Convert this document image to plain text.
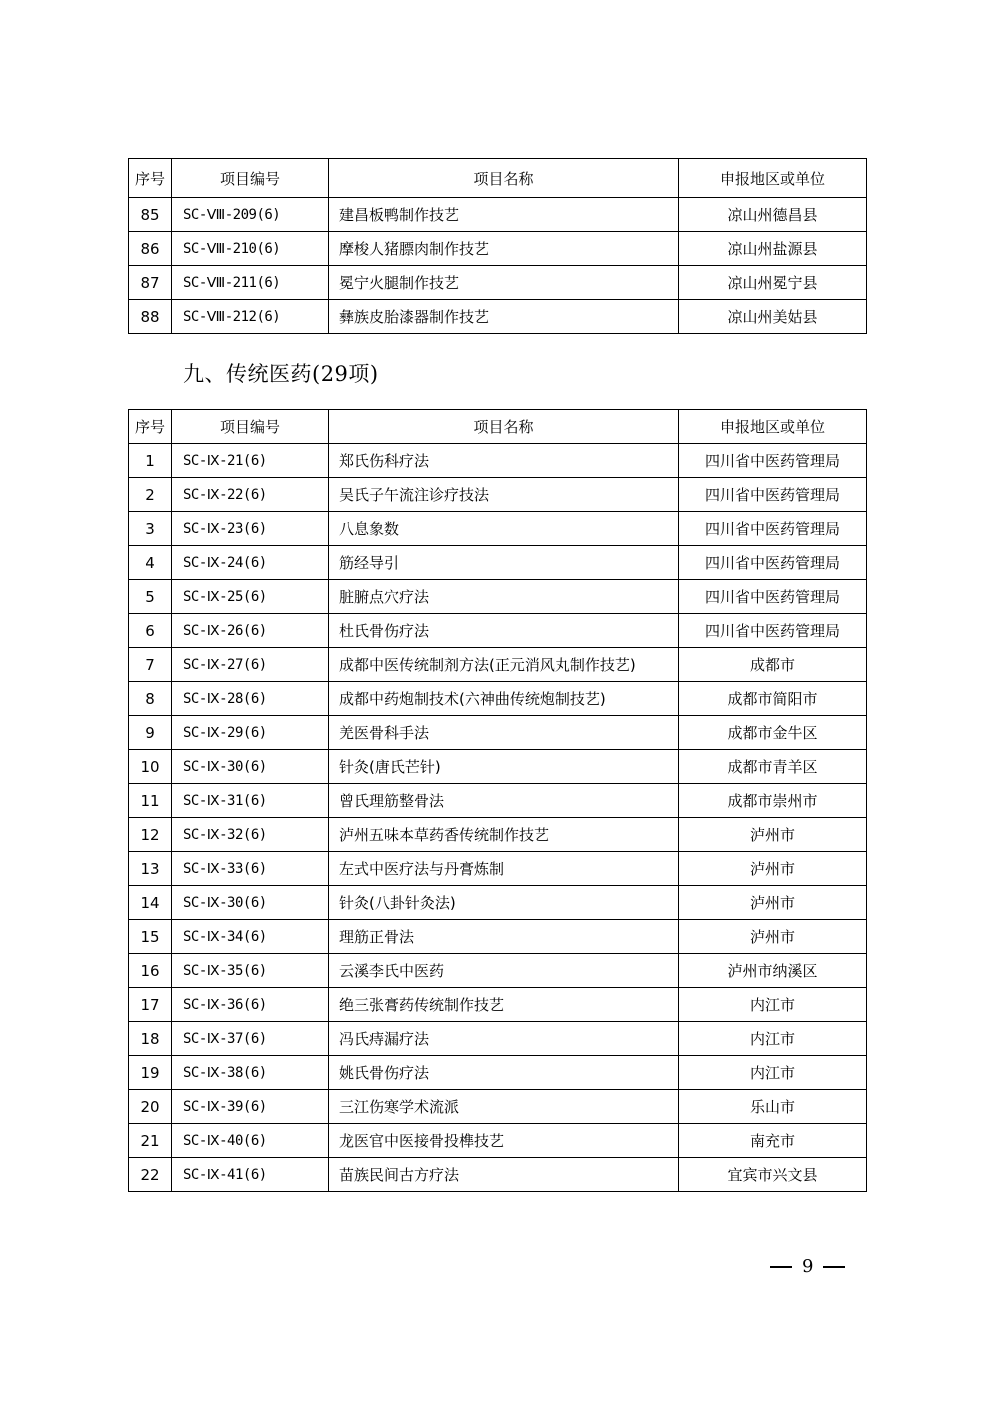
序号	项目编号	项目名称	申报地区或单位
85	SC-Ⅷ-209(6)	建昌板鸭制作技艺	凉山州德昌县
86	SC-Ⅷ-210(6)	摩梭人猪膘肉制作技艺	凉山州盐源县
87	SC-Ⅷ-211(6)	冕宁火腿制作技艺	凉山州冕宁县
88	SC-Ⅷ-212(6)	彝族皮胎漆器制作技艺	凉山州美姑县
九、传统医药(29项)
序号	项目编号	项目名称	申报地区或单位
1	SC-Ⅸ-21(6)	郑氏伤科疗法	四川省中医药管理局
2	SC-Ⅸ-22(6)	吴氏子午流注诊疗技法	四川省中医药管理局
3	SC-Ⅸ-23(6)	八息象数	四川省中医药管理局
4	SC-Ⅸ-24(6)	筋经导引	四川省中医药管理局
5	SC-Ⅸ-25(6)	脏腑点穴疗法	四川省中医药管理局
6	SC-Ⅸ-26(6)	杜氏骨伤疗法	四川省中医药管理局
7	SC-Ⅸ-27(6)	成都中医传统制剂方法(正元消风丸制作技艺)	成都市
8	SC-Ⅸ-28(6)	成都中药炮制技术(六神曲传统炮制技艺)	成都市简阳市
9	SC-Ⅸ-29(6)	羌医骨科手法	成都市金牛区
10	SC-Ⅸ-30(6)	针灸(唐氏芒针)	成都市青羊区
11	SC-Ⅸ-31(6)	曾氏理筋整骨法	成都市崇州市
12	SC-Ⅸ-32(6)	泸州五味本草药香传统制作技艺	泸州市
13	SC-Ⅸ-33(6)	左式中医疗法与丹膏炼制	泸州市
14	SC-Ⅸ-30(6)	针灸(八卦针灸法)	泸州市
15	SC-Ⅸ-34(6)	理筋正骨法	泸州市
16	SC-Ⅸ-35(6)	云溪李氏中医药	泸州市纳溪区
17	SC-Ⅸ-36(6)	绝三张膏药传统制作技艺	内江市
18	SC-Ⅸ-37(6)	冯氏痔漏疗法	内江市
19	SC-Ⅸ-38(6)	姚氏骨伤疗法	内江市
20	SC-Ⅸ-39(6)	三江伤寒学术流派	乐山市
21	SC-Ⅸ-40(6)	龙医官中医接骨投榫技艺	南充市
22	SC-Ⅸ-41(6)	苗族民间古方疗法	宜宾市兴文县
9
